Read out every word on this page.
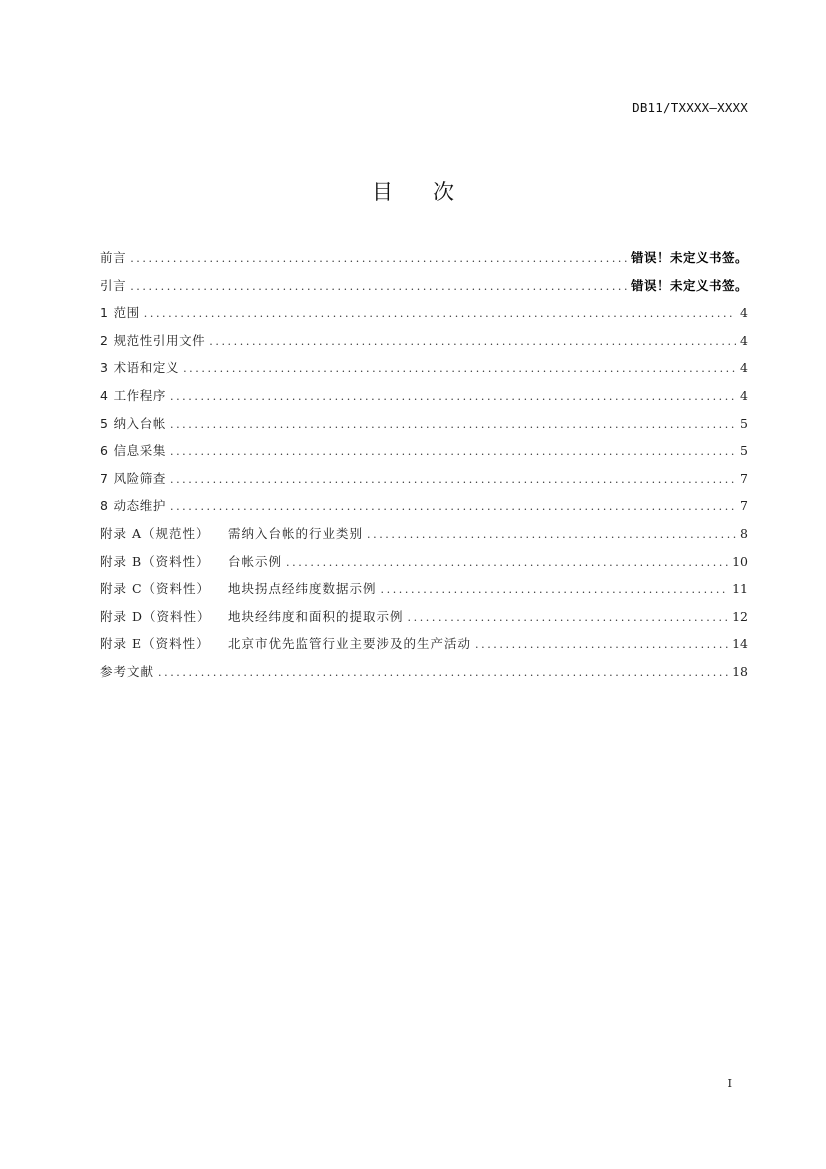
DB11/TXXXX—XXXX
目次
前言 .....	错误！未定义书签。
引言 .....	错误！未定义书签。
1 范围 .....	4
2 规范性引用文件 .....	4
3 术语和定义 .....	4
4 工作程序 .....	4
5 纳入台帐 .....	5
6 信息采集 .....	5
7 风险筛查 .....	7
8 动态维护 .....	7
附录 A（规范性） 需纳入台帐的行业类别 .....	8
附录 B（资料性） 台帐示例 .....	10
附录 C（资料性） 地块拐点经纬度数据示例 .....	11
附录 D（资料性） 地块经纬度和面积的提取示例 .....	12
附录 E（资料性） 北京市优先监管行业主要涉及的生产活动 .....	14
参考文献 .....	18
I
